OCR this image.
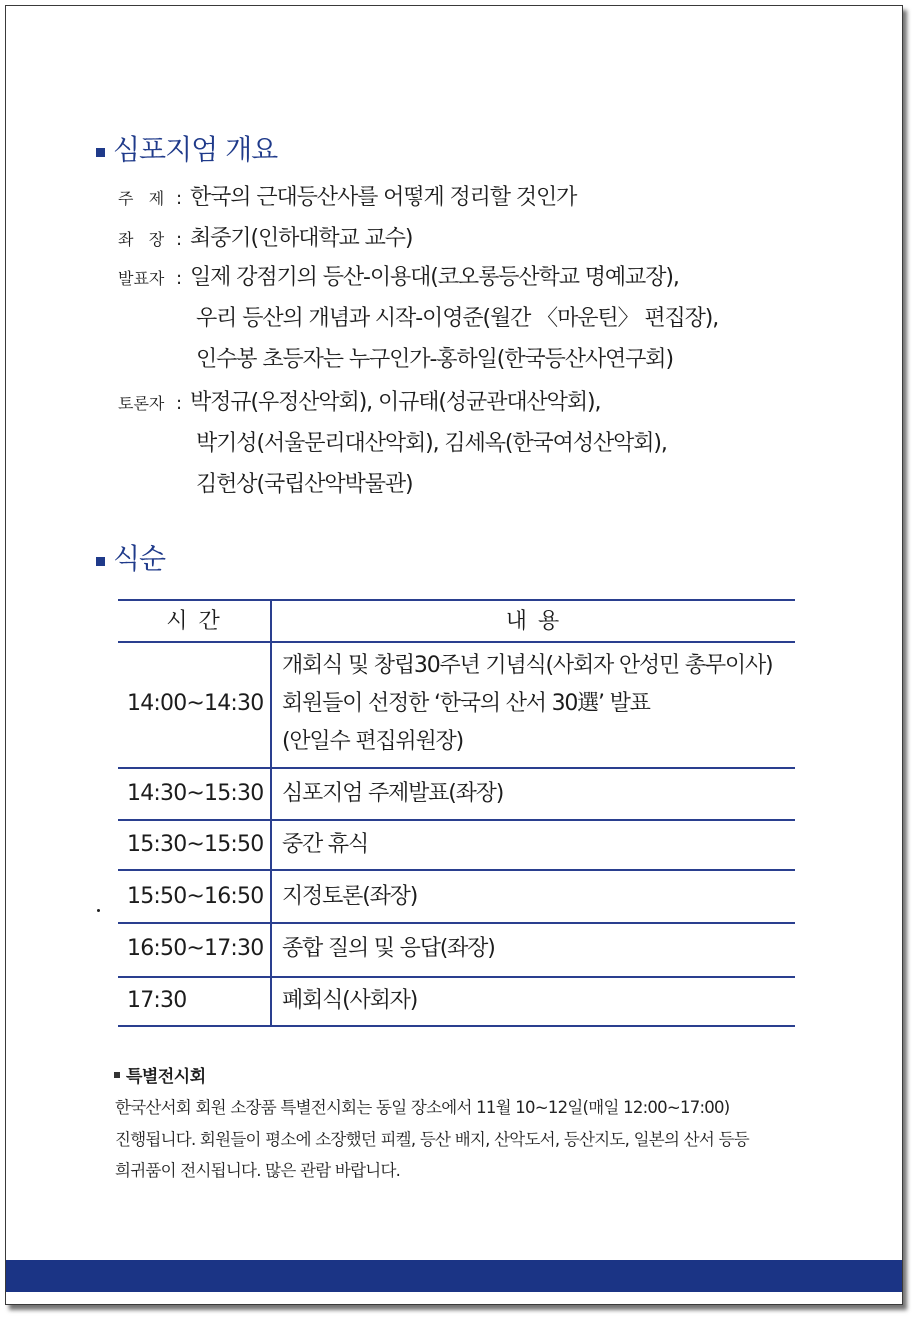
심포지엄 개요
주   제 : 한국의 근대등산사를 어떻게 정리할 것인가
좌   장 : 최중기(인하대학교 교수)
발표자 : 일제 강점기의 등산-이용대(코오롱등산학교 명예교장),
우리 등산의 개념과 시작-이영준(월간 〈마운틴〉 편집장),
인수봉 초등자는 누구인가-홍하일(한국등산사연구회)
토론자 : 박정규(우정산악회), 이규태(성균관대산악회),
박기성(서울문리대산악회), 김세옥(한국여성산악회),
김헌상(국립산악박물관)
식순
시 간	내 용
14:00~14:30
개회식 및 창립30주년 기념식(사회자 안성민 총무이사)
회원들이 선정한 ‘한국의 산서 30選’ 발표
(안일수 편집위원장)
14:30~15:30 심포지엄 주제발표(좌장)
15:30~15:50 중간 휴식
15:50~16:50 지정토론(좌장)
16:50~17:30 종합 질의 및 응답(좌장)
17:30	폐회식(사회자)
특별전시회
한국산서회 회원 소장품 특별전시회는 동일 장소에서 11월 10~12일(매일 12:00~17:00)
진행됩니다. 회원들이 평소에 소장했던 피켈, 등산 배지, 산악도서, 등산지도, 일본의 산서 등등
희귀품이 전시됩니다. 많은 관람 바랍니다.
